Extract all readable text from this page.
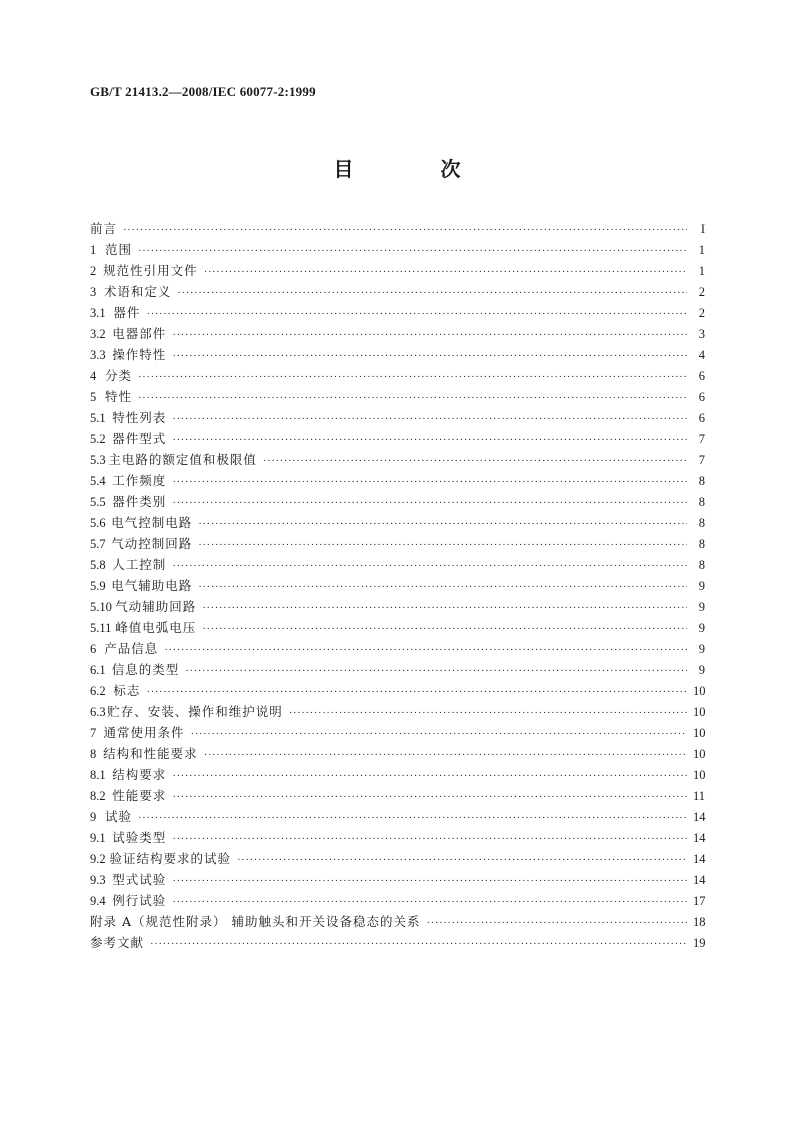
GB/T 21413.2—2008/IEC 60077-2:1999
目 次
前言 ·····	I
1 范围 ·····	1
2 规范性引用文件 ·····	1
3 术语和定义 ·····	2
3.1 器件 ·····	2
3.2 电器部件 ·····	3
3.3 操作特性 ·····	4
4 分类 ·····	6
5 特性 ·····	6
5.1 特性列表 ·····	6
5.2 器件型式 ·····	7
5.3 主电路的额定值和极限值 ·····	7
5.4 工作频度 ·····	8
5.5 器件类别 ·····	8
5.6 电气控制电路 ·····	8
5.7 气动控制回路 ·····	8
5.8 人工控制 ·····	8
5.9 电气辅助电路 ·····	9
5.10 气动辅助回路 ·····	9
5.11 峰值电弧电压 ·····	9
6 产品信息 ·····	9
6.1 信息的类型 ·····	9
6.2 标志 ·····	10
6.3 贮存、安装、操作和维护说明 ·····	10
7 通常使用条件 ·····	10
8 结构和性能要求 ·····	10
8.1 结构要求 ·····	10
8.2 性能要求 ·····	11
9 试验 ·····	14
9.1 试验类型 ·····	14
9.2 验证结构要求的试验 ·····	14
9.3 型式试验 ·····	14
9.4 例行试验 ·····	17
附录 A（规范性附录） 辅助触头和开关设备稳态的关系 ·····	18
参考文献 ·····	19
